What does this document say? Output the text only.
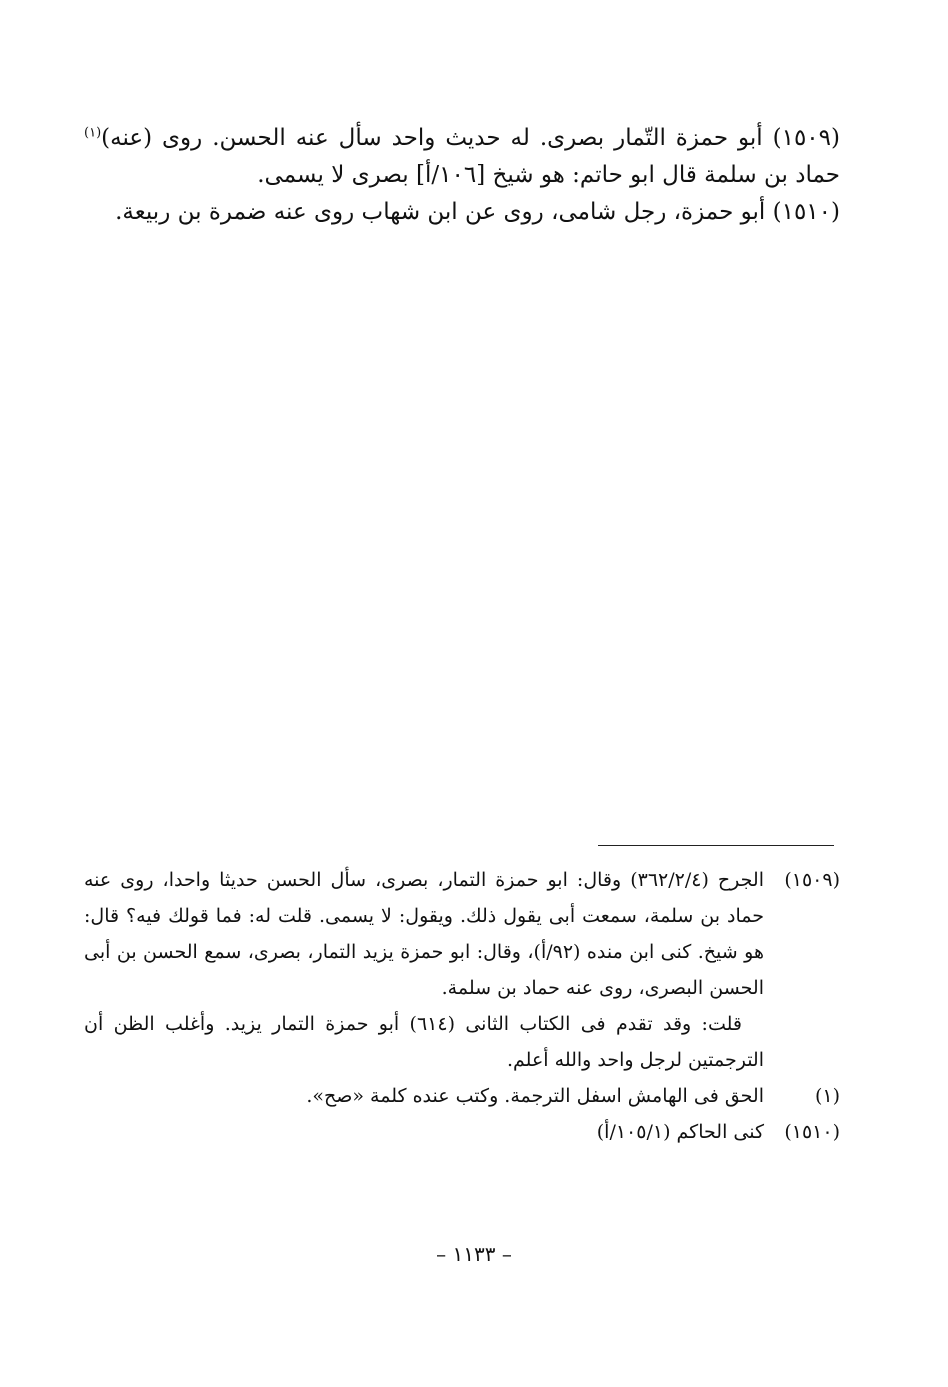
(١٥٠٩) أبو حمزة التّمار بصرى. له حديث واحد سأل عنه الحسن. روى (عنه)$^{(١)}$ حماد بن سلمة قال ابو حاتم: هو شيخ [١٠٦/أ] بصرى لا يسمى.

(١٥١٠) أبو حمزة، رجل شامى، روى عن ابن شهاب روى عنه ضمرة بن ربيعة.

(١٥٠٩)

الجرح (٣٦٢/٢/٤) وقال: ابو حمزة التمار، بصرى، سأل الحسن حديثا واحدا، روى عنه حماد بن سلمة، سمعت أبى يقول ذلك. ويقول: لا يسمى. قلت له: فما قولك فيه؟ قال: هو شيخ. كنى ابن منده (٩٢/أ)، وقال: ابو حمزة يزيد التمار، بصرى، سمع الحسن بن أبى الحسن البصرى، روى عنه حماد بن سلمة.

قلت: وقد تقدم فى الكتاب الثانى (٦١٤) أبو حمزة التمار يزيد. وأغلب الظن أن الترجمتين لرجل واحد والله أعلم.

(١)

الحق فى الهامش اسفل الترجمة. وكتب عنده كلمة «صح».

(١٥١٠)

كنى الحاكم (١٠٥/١/أ)

– ١١٣٣ –
